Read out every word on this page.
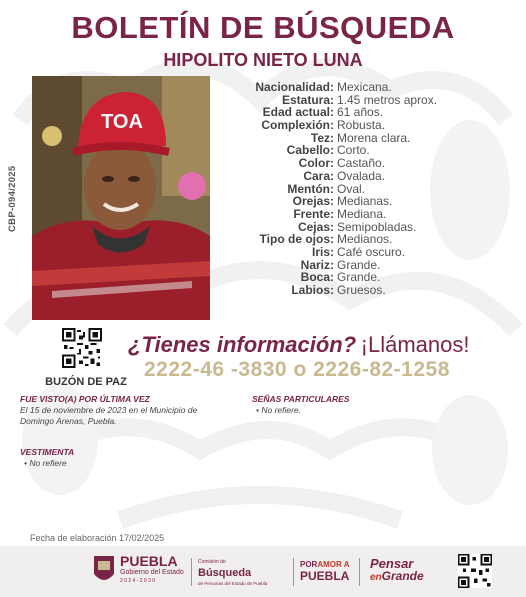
BOLETÍN DE BÚSQUEDA
HIPOLITO NIETO LUNA
CBP-094/2025
TOA
Nacionalidad: Mexicana.
Estatura: 1.45 metros aprox.
Edad actual: 61 años.
Complexión: Robusta.
Tez: Morena clara.
Cabello: Corto.
Color: Castaño.
Cara: Ovalada.
Mentón: Oval.
Orejas: Medianas.
Frente: Mediana.
Cejas: Semipobladas.
Tipo de ojos: Medianos.
Iris: Café oscuro.
Nariz: Grande.
Boca: Grande.
Labios: Gruesos.
BUZÓN DE PAZ
¿Tienes información? ¡Llámanos!
2222-46 -3830 o 2226-82-1258
FUE VISTO(A) POR ÚLTIMA VEZ
El 15 de noviembre de 2023 en el Municipio de
Domingo Arenas, Puebla.
SEÑAS PARTICULARES
• No refiere.
VESTIMENTA
• No refiere
Fecha de elaboración 17/02/2025
PUEBLA
Gobierno del Estado
2 0 2 4 - 2 0 3 0
Comisión de
Búsqueda
de Personas del Estado de Puebla
PORAMOR A
PUEBLA
Pensar
enGrande
